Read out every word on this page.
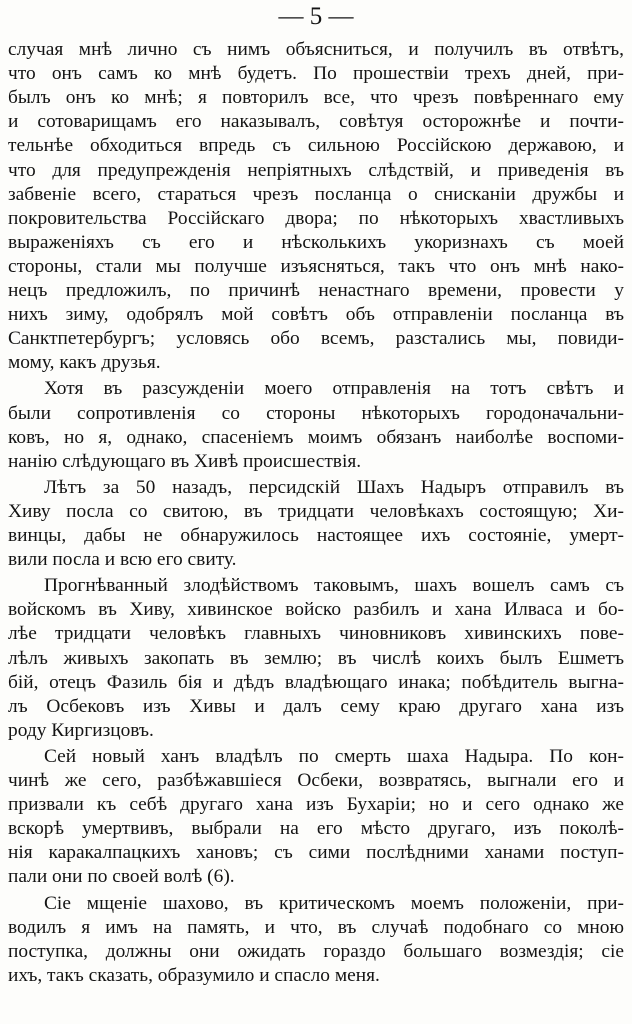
— 5 —
случая мнѣ лично съ нимъ объясниться, и получилъ въ отвѣтъ,
что онъ самъ ко мнѣ будетъ. По прошествіи трехъ дней, при-
былъ онъ ко мнѣ; я повторилъ все, что чрезъ повѣреннаго ему
и сотоварищамъ его наказывалъ, совѣтуя осторожнѣе и почти-
тельнѣе обходиться впредь съ сильною Россійскою державою, и
что для предупрежденія непріятныхъ слѣдствій, и приведенія въ
забвеніе всего, стараться чрезъ посланца о снисканіи дружбы и
покровительства Россійскаго двора; по нѣкоторыхъ хвастливыхъ
выраженіяхъ съ его и нѣсколькихъ укоризнахъ съ моей
стороны, стали мы получше изъясняться, такъ что онъ мнѣ нако-
нецъ предложилъ, по причинѣ ненастнаго времени, провести у
нихъ зиму, одобрялъ мой совѣтъ объ отправленіи посланца въ
Санктпетербургъ; условясь обо всемъ, разстались мы, повиди-
мому, какъ друзья.
Хотя въ разсужденіи моего отправленія на тотъ свѣтъ и
были сопротивленія со стороны нѣкоторыхъ городоначальни-
ковъ, но я, однако, спасеніемъ моимъ обязанъ наиболѣе воспоми-
нанію слѣдующаго въ Хивѣ происшествія.
Лѣтъ за 50 назадъ, персидскій Шахъ Надыръ отправилъ въ
Хиву посла со свитою, въ тридцати человѣкахъ состоящую; Хи-
винцы, дабы не обнаружилось настоящее ихъ состояніе, умерт-
вили посла и всю его свиту.
Прогнѣванный злодѣйствомъ таковымъ, шахъ вошелъ самъ съ
войскомъ въ Хиву, хивинское войско разбилъ и хана Илваса и бо-
лѣе тридцати человѣкъ главныхъ чиновниковъ хивинскихъ пове-
лѣлъ живыхъ закопать въ землю; въ числѣ коихъ былъ Ешметъ
бій, отецъ Фазиль бія и дѣдъ владѣющаго инака; побѣдитель выгна-
лъ Осбековъ изъ Хивы и далъ сему краю другаго хана изъ
роду Киргизцовъ.
Сей новый ханъ владѣлъ по смерть шаха Надыра. По кон-
чинѣ же сего, разбѣжавшіеся Осбеки, возвратясь, выгнали его и
призвали къ себѣ другаго хана изъ Бухаріи; но и сего однако же
вскорѣ умертвивъ, выбрали на его мѣсто другаго, изъ поколѣ-
нія каракалпацкихъ хановъ; съ сими послѣдними ханами поступ-
пали они по своей волѣ (6).
Сіе мщеніе шахово, въ критическомъ моемъ положеніи, при-
водилъ я имъ на память, и что, въ случаѣ подобнаго со мною
поступка, должны они ожидать гораздо большаго возмездія; сіе
ихъ, такъ сказать, образумило и спасло меня.
